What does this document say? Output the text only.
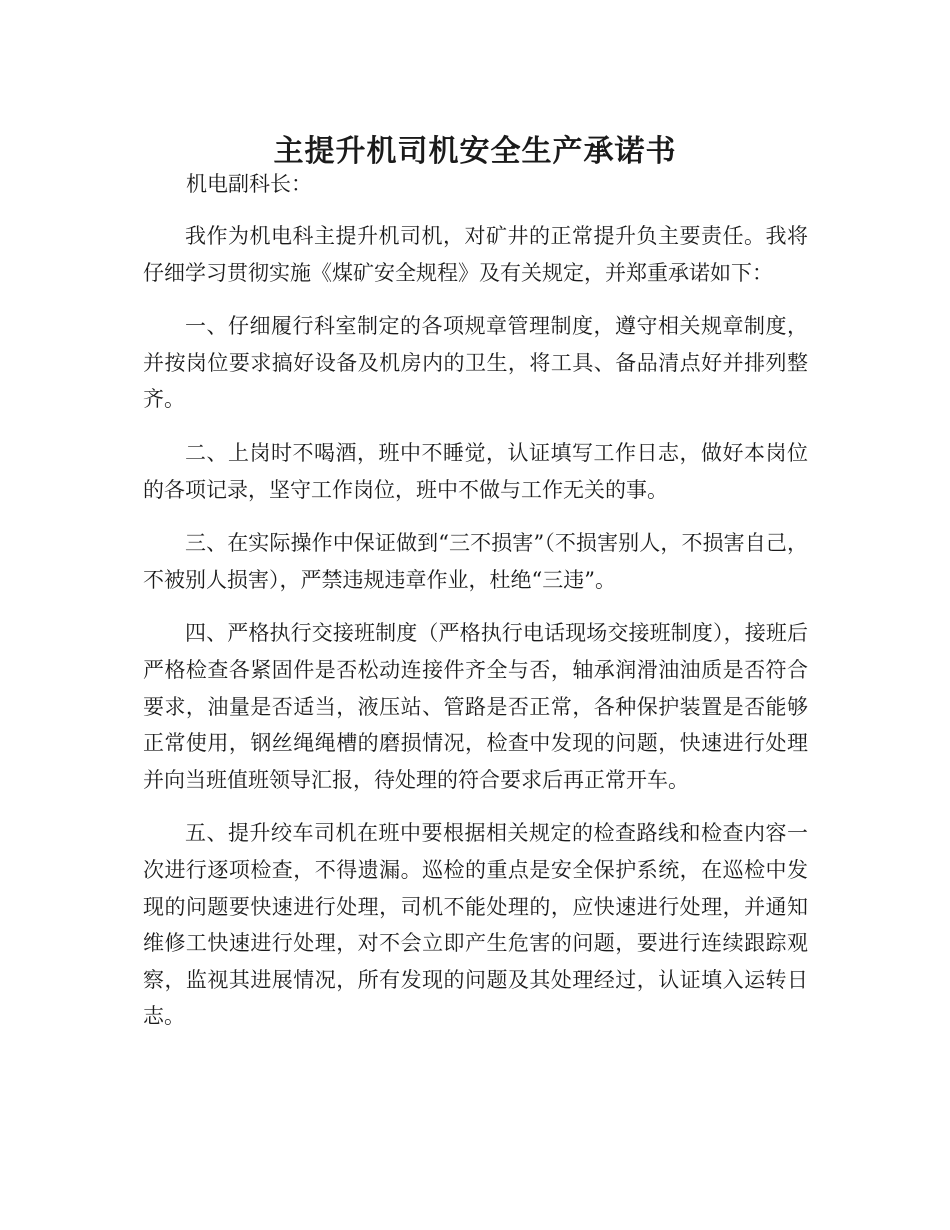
主提升机司机安全生产承诺书
机电副科长：

我作为机电科主提升机司机，对矿井的正常提升负主要责任。我将仔细学习贯彻实施《煤矿安全规程》及有关规定，并郑重承诺如下：

一、仔细履行科室制定的各项规章管理制度，遵守相关规章制度，并按岗位要求搞好设备及机房内的卫生，将工具、备品清点好并排列整齐。

二、上岗时不喝酒，班中不睡觉，认证填写工作日志，做好本岗位的各项记录，坚守工作岗位，班中不做与工作无关的事。

三、在实际操作中保证做到“三不损害”（不损害别人，不损害自己，不被别人损害），严禁违规违章作业，杜绝“三违”。

四、严格执行交接班制度（严格执行电话现场交接班制度），接班后严格检查各紧固件是否松动连接件齐全与否，轴承润滑油油质是否符合要求，油量是否适当，液压站、管路是否正常，各种保护装置是否能够正常使用，钢丝绳绳槽的磨损情况，检查中发现的问题，快速进行处理并向当班值班领导汇报，待处理的符合要求后再正常开车。

五、提升绞车司机在班中要根据相关规定的检查路线和检查内容一次进行逐项检查，不得遗漏。巡检的重点是安全保护系统，在巡检中发现的问题要快速进行处理，司机不能处理的，应快速进行处理，并通知维修工快速进行处理，对不会立即产生危害的问题，要进行连续跟踪观察，监视其进展情况，所有发现的问题及其处理经过，认证填入运转日志。
